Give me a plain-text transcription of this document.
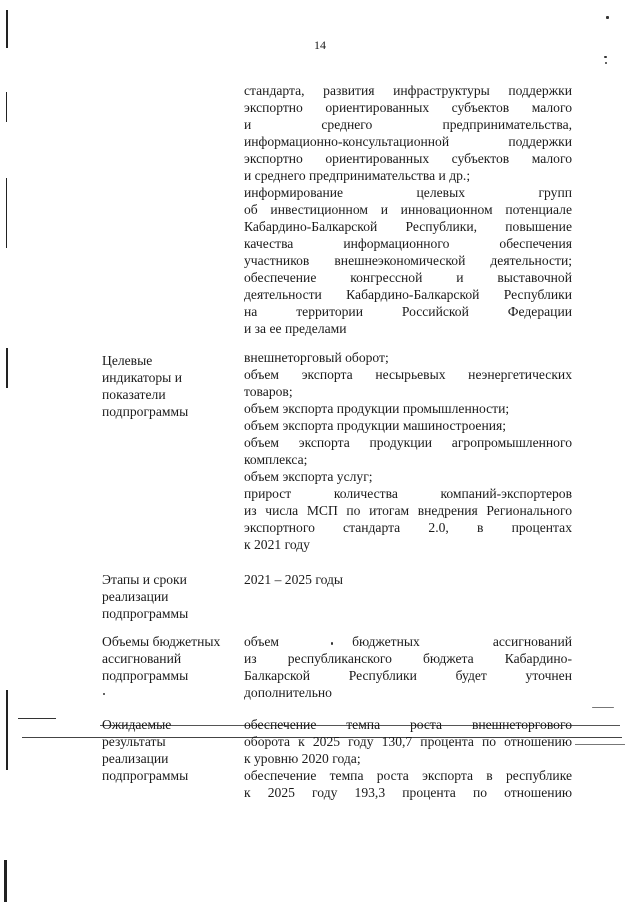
14
стандарта, развития инфраструктуры поддержки
экспортно ориентированных субъектов малого
и среднего предпринимательства,
информационно-консультационной поддержки
экспортно ориентированных субъектов малого
и среднего предпринимательства и др.;
информирование целевых групп
об инвестиционном и инновационном потенциале
Кабардино-Балкарской Республики, повышение
качества информационного обеспечения
участников внешнеэкономической деятельности;
обеспечение конгрессной и выставочной
деятельности Кабардино-Балкарской Республики
на территории Российской Федерации
и за ее пределами
внешнеторговый оборот;
объем экспорта несырьевых неэнергетических
товаров;
объем экспорта продукции промышленности;
объем экспорта продукции машиностроения;
объем экспорта продукции агропромышленного
комплекса;
объем экспорта услуг;
прирост количества компаний-экспортеров
из числа МСП по итогам внедрения Регионального
экспортного стандарта 2.0, в процентах
к 2021 году
Целевые
индикаторы и
показатели
подпрограммы
2021 – 2025 годы
Этапы и сроки
реализации
подпрограммы
объем бюджетных ассигнований
из республиканского бюджета Кабардино-
Балкарской Республики будет уточнен
дополнительно
Объемы бюджетных
ассигнований
подпрограммы
обеспечение темпа роста внешнеторгового
оборота к 2025 году 130,7 процента по отношению
к уровню 2020 года;
обеспечение темпа роста экспорта в республике
к 2025 году 193,3 процента по отношению
Ожидаемые
результаты
реализации
подпрограммы
